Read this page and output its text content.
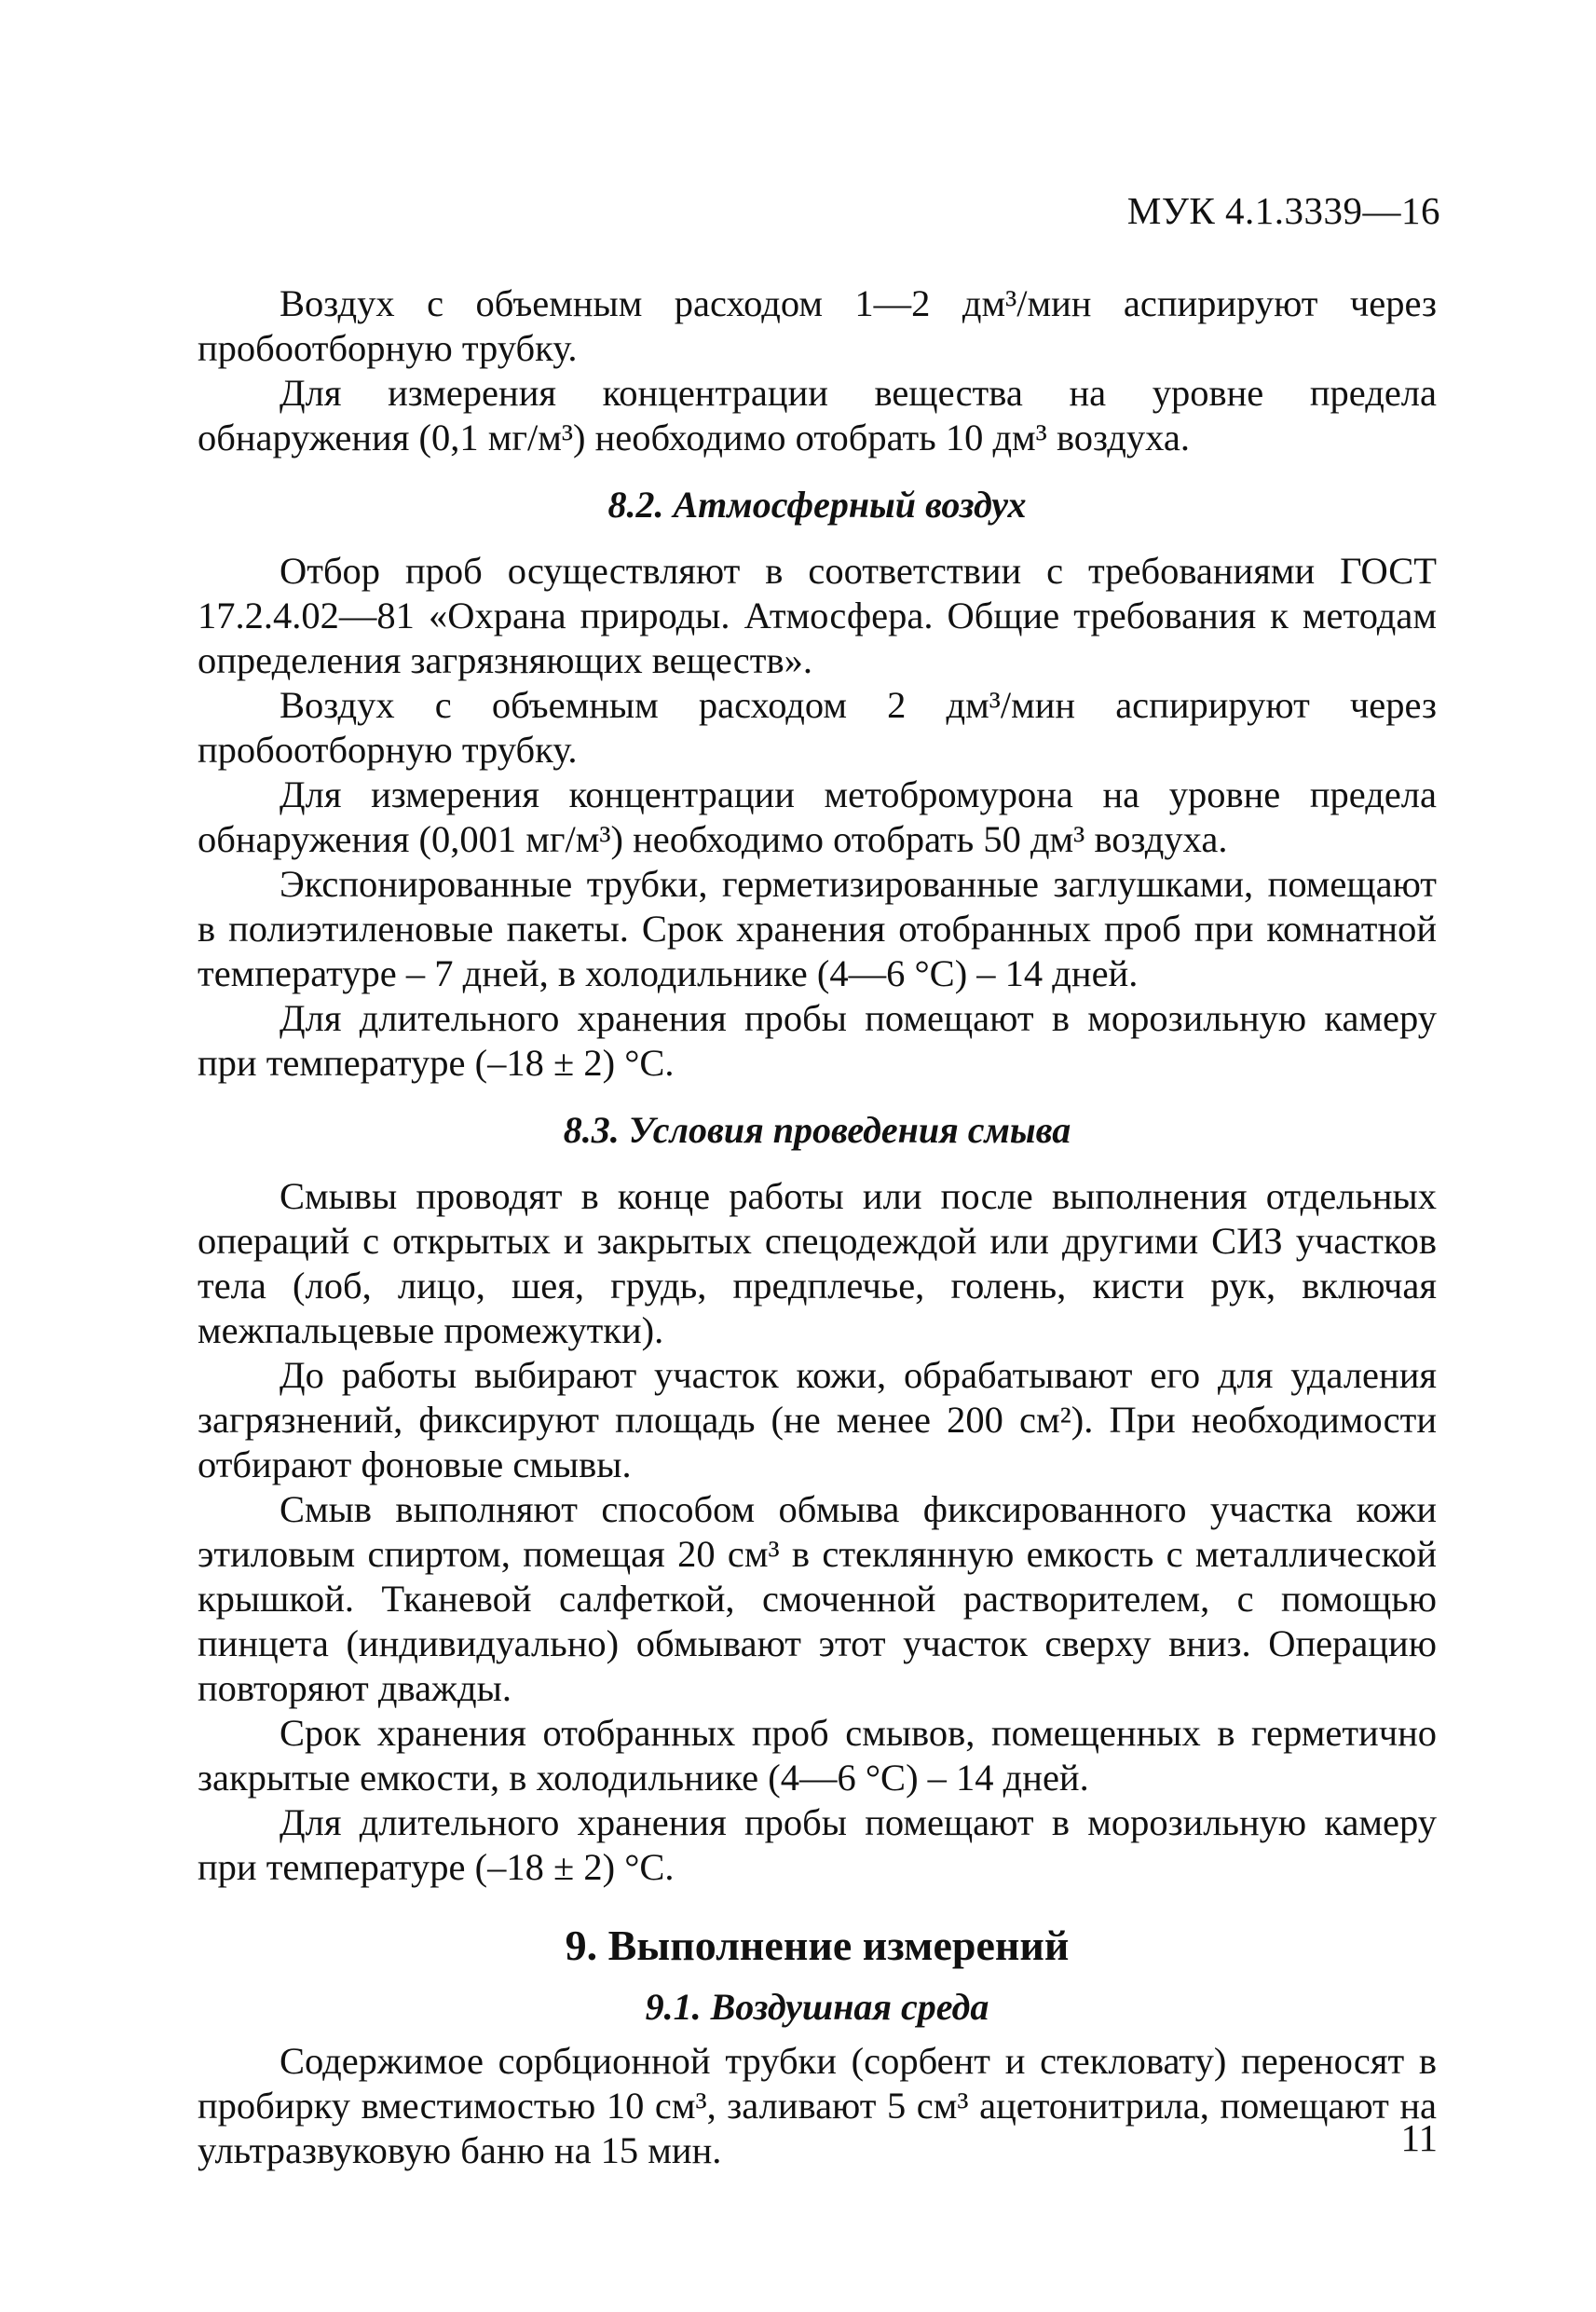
МУК 4.1.3339—16

Воздух с объемным расходом 1—2 дм³/мин аспирируют через пробоотборную трубку.

Для измерения концентрации вещества на уровне предела обнаружения (0,1 мг/м³) необходимо отобрать 10 дм³ воздуха.

8.2. Атмосферный воздух

Отбор проб осуществляют в соответствии с требованиями ГОСТ 17.2.4.02—81 «Охрана природы. Атмосфера. Общие требования к методам определения загрязняющих веществ».

Воздух с объемным расходом 2 дм³/мин аспирируют через пробоотборную трубку.

Для измерения концентрации метобромурона на уровне предела обнаружения (0,001 мг/м³) необходимо отобрать 50 дм³ воздуха.

Экспонированные трубки, герметизированные заглушками, помещают в полиэтиленовые пакеты. Срок хранения отобранных проб при комнатной температуре – 7 дней, в холодильнике (4—6 °С) – 14 дней.

Для длительного хранения пробы помещают в морозильную камеру при температуре (–18 ± 2) °С.

8.3. Условия проведения смыва

Смывы проводят в конце работы или после выполнения отдельных операций с открытых и закрытых спецодеждой или другими СИЗ участков тела (лоб, лицо, шея, грудь, предплечье, голень, кисти рук, включая межпальцевые промежутки).

До работы выбирают участок кожи, обрабатывают его для удаления загрязнений, фиксируют площадь (не менее 200 см²). При необходимости отбирают фоновые смывы.

Смыв выполняют способом обмыва фиксированного участка кожи этиловым спиртом, помещая 20 см³ в стеклянную емкость с металлической крышкой. Тканевой салфеткой, смоченной растворителем, с помощью пинцета (индивидуально) обмывают этот участок сверху вниз. Операцию повторяют дважды.

Срок хранения отобранных проб смывов, помещенных в герметично закрытые емкости, в холодильнике (4—6 °С) – 14 дней.

Для длительного хранения пробы помещают в морозильную камеру при температуре (–18 ± 2) °С.

9. Выполнение измерений
9.1. Воздушная среда

Содержимое сорбционной трубки (сорбент и стекловату) переносят в пробирку вместимостью 10 см³, заливают 5 см³ ацетонитрила, помещают на ультразвуковую баню на 15 мин.	11
